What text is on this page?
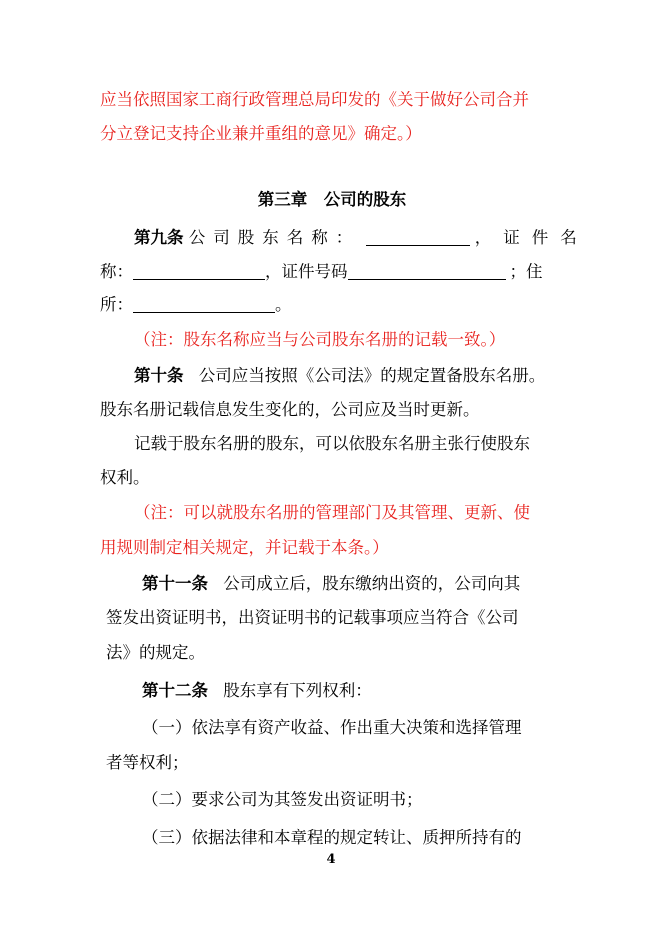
应当依照国家工商行政管理总局印发的《关于做好公司合并
分立登记支持企业兼并重组的意见》确定。）
第三章　公司的股东
第九条 公司股东名称：	，证件名
称：	，证件号码	；住
所：	。
（注：股东名称应当与公司股东名册的记载一致。）
第十条 公司应当按照《公司法》的规定置备股东名册。
股东名册记载信息发生变化的，公司应及当时更新。
记载于股东名册的股东，可以依股东名册主张行使股东
权利。
（注：可以就股东名册的管理部门及其管理、更新、使
用规则制定相关规定，并记载于本条。）
第十一条 公司成立后，股东缴纳出资的，公司向其
签发出资证明书，出资证明书的记载事项应当符合《公司
法》的规定。
第十二条 股东享有下列权利：
（一）依法享有资产收益、作出重大决策和选择管理
者等权利；
（二）要求公司为其签发出资证明书；
（三）依据法律和本章程的规定转让、质押所持有的
4
